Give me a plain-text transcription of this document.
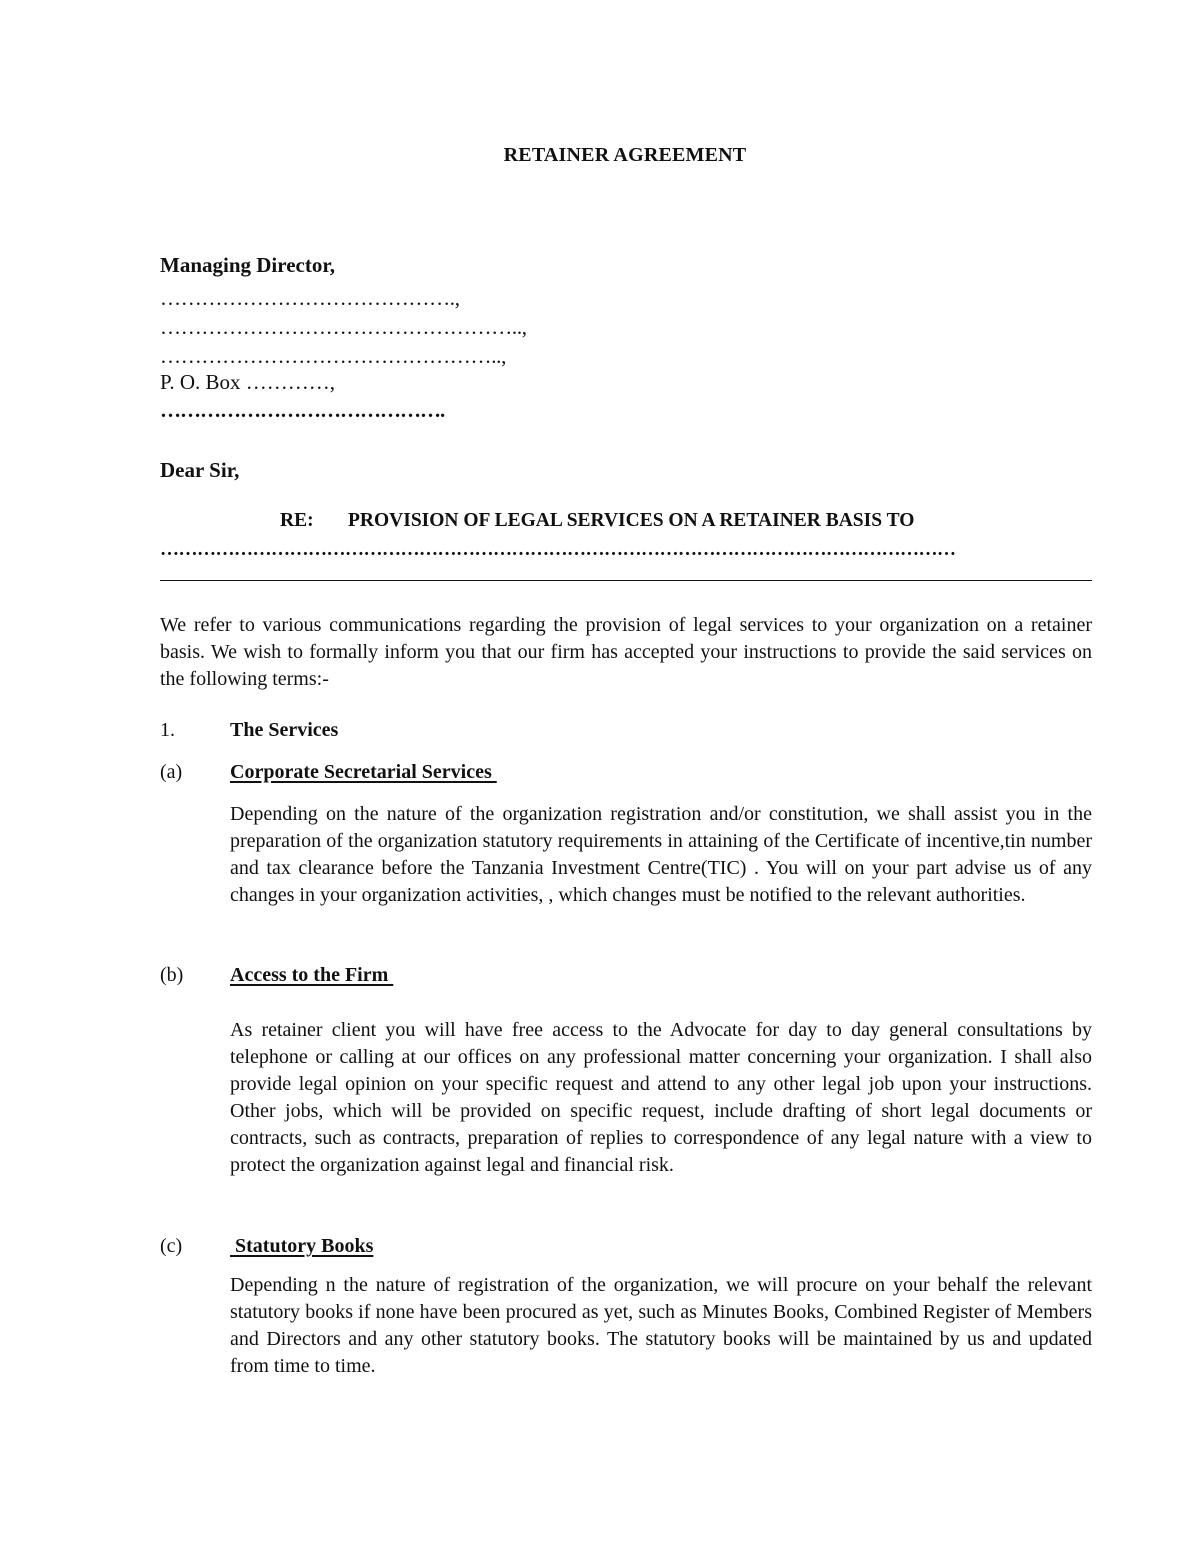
RETAINER AGREEMENT
Managing Director,
…………………………………….,
……………………………………………..,
…………………………………………..,
P. O. Box …………,
…………………………………….
Dear Sir,
RE: PROVISION OF LEGAL SERVICES ON A RETAINER BASIS TO
…………………………………………………………………………………………………………………
We refer to various communications regarding the provision of legal services to your organization on a retainer basis. We wish to formally inform you that our firm has accepted your instructions to provide the said services on the following terms:-
1.	The Services
(a) Corporate Secretarial Services
Depending on the nature of the organization registration and/or constitution, we shall assist you in the preparation of the organization statutory requirements in attaining of the Certificate of incentive,tin number and tax clearance before the Tanzania Investment Centre(TIC) . You will on your part advise us of any changes in your organization activities, , which changes must be notified to the relevant authorities.
(b) Access to the Firm
As retainer client you will have free access to the Advocate for day to day general consultations by telephone or calling at our offices on any professional matter concerning your organization. I shall also provide legal opinion on your specific request and attend to any other legal job upon your instructions. Other jobs, which will be provided on specific request, include drafting of short legal documents or contracts, such as contracts, preparation of replies to correspondence of any legal nature with a view to protect the organization against legal and financial risk.
(c) Statutory Books
Depending n the nature of registration of the organization, we will procure on your behalf the relevant statutory books if none have been procured as yet, such as Minutes Books, Combined Register of Members and Directors and any other statutory books. The statutory books will be maintained by us and updated from time to time.
